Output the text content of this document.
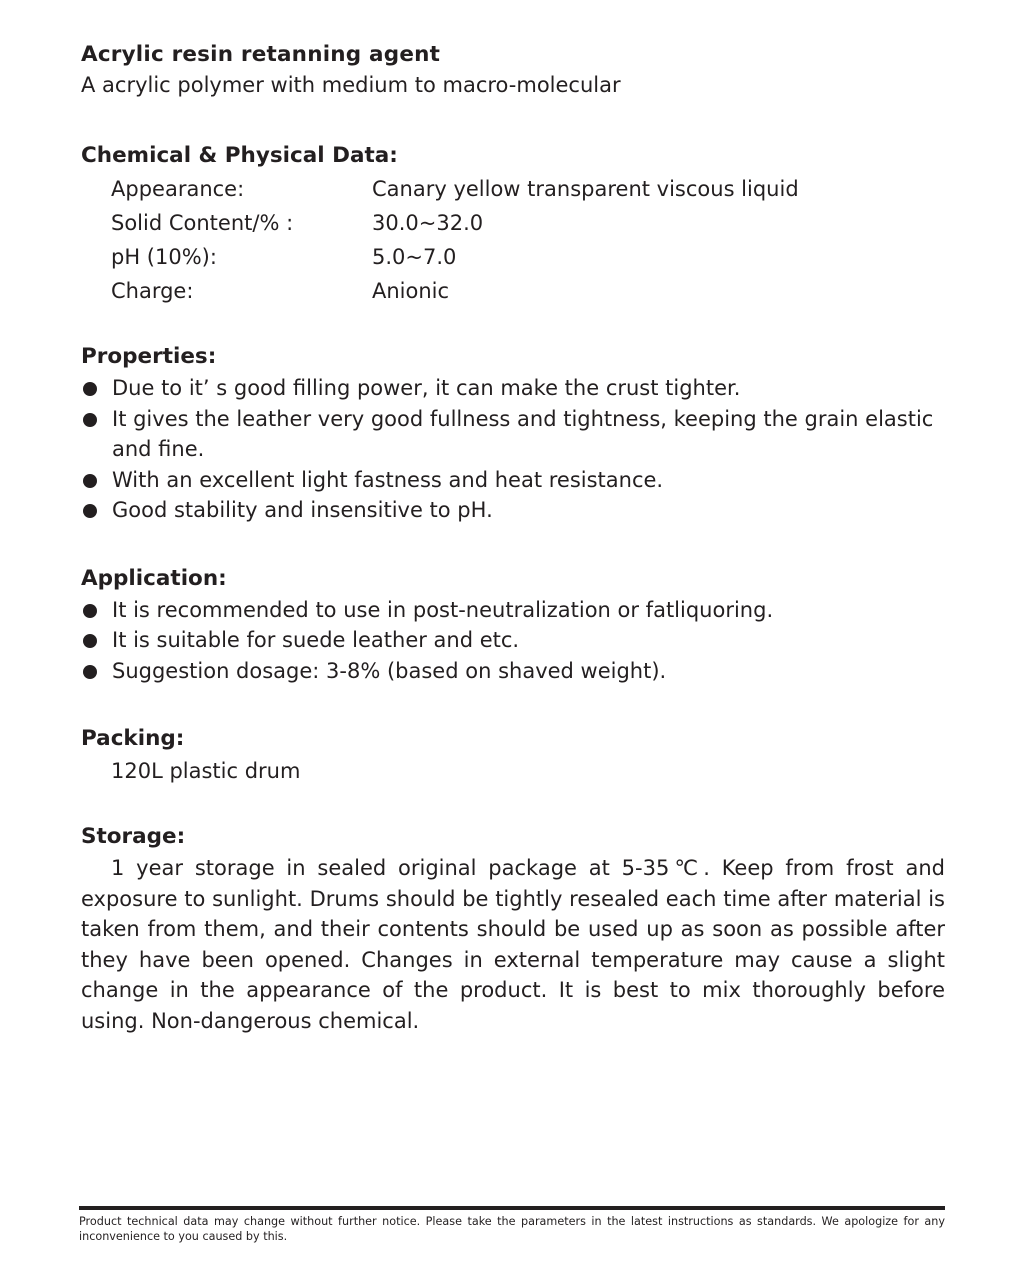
Acrylic resin retanning agent

A acrylic polymer with medium to macro-molecular

Chemical & Physical Data:
Appearance:	Canary yellow transparent viscous liquid
Solid Content/% :	30.0~32.0
pH (10%):	5.0~7.0
Charge:	Anionic
Properties:
Due to it’ s good filling power, it can make the crust tighter.
It gives the leather very good fullness and tightness, keeping the grain elastic and fine.
With an excellent light fastness and heat resistance.
Good stability and insensitive to pH.
Application:
It is recommended to use in post-neutralization or fatliquoring.
It is suitable for suede leather and etc.
Suggestion dosage: 3-8% (based on shaved weight).
Packing:
120L plastic drum
Storage:

1 year storage in sealed original package at 5-35℃. Keep from frost and exposure to sunlight. Drums should be tightly resealed each time after material is taken from them, and their contents should be used up as soon as possible after they have been opened. Changes in external temperature may cause a slight change in the appearance of the product. It is best to mix thoroughly before using. Non-dangerous chemical.

Product technical data may change without further notice. Please take the parameters in the latest instructions as standards. We apologize for any inconvenience to you caused by this.
